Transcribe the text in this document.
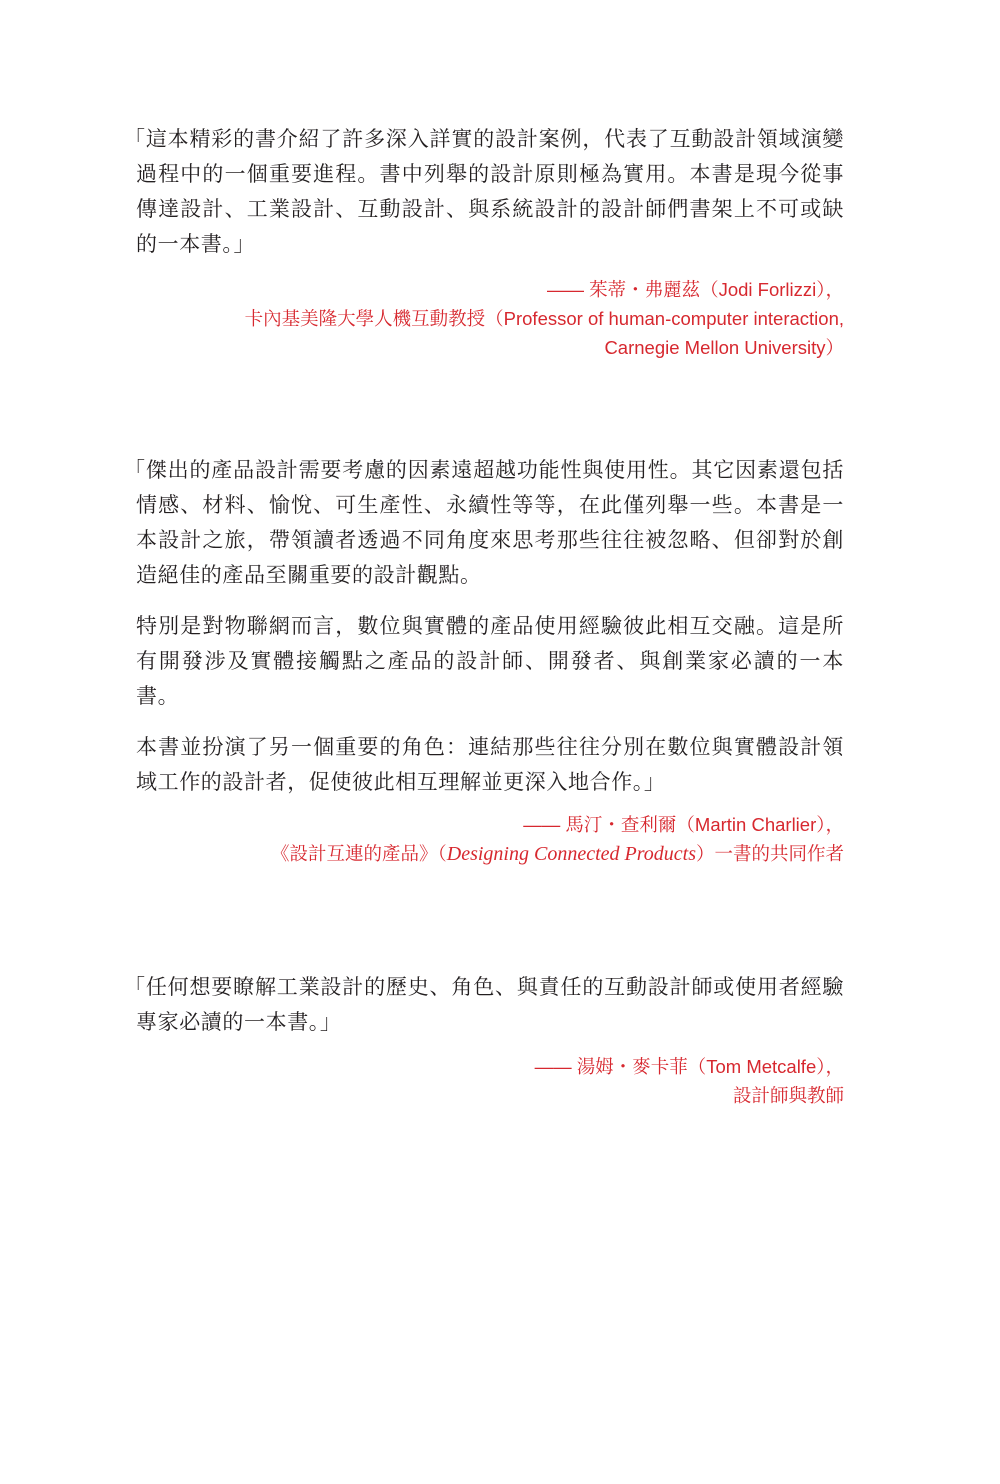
「這本精彩的書介紹了許多深入詳實的設計案例，代表了互動設計領域演變過程中的一個重要進程。書中列舉的設計原則極為實用。本書是現今從事傳達設計、工業設計、互動設計、與系統設計的設計師們書架上不可或缺的一本書。」

—— 茱蒂・弗麗茲（Jodi Forlizzi），
卡內基美隆大學人機互動教授（Professor of human-computer interaction,
Carnegie Mellon University）

「傑出的產品設計需要考慮的因素遠超越功能性與使用性。其它因素還包括情感、材料、愉悅、可生產性、永續性等等，在此僅列舉一些。本書是一本設計之旅，帶領讀者透過不同角度來思考那些往往被忽略、但卻對於創造絕佳的產品至關重要的設計觀點。

特別是對物聯網而言，數位與實體的產品使用經驗彼此相互交融。這是所有開發涉及實體接觸點之產品的設計師、開發者、與創業家必讀的一本書。

本書並扮演了另一個重要的角色：連結那些往往分別在數位與實體設計領域工作的設計者，促使彼此相互理解並更深入地合作。」

—— 馬汀・查利爾（Martin Charlier），
《設計互連的產品》（Designing Connected Products）一書的共同作者

「任何想要瞭解工業設計的歷史、角色、與責任的互動設計師或使用者經驗專家必讀的一本書。」

—— 湯姆・麥卡菲（Tom Metcalfe），
設計師與教師
